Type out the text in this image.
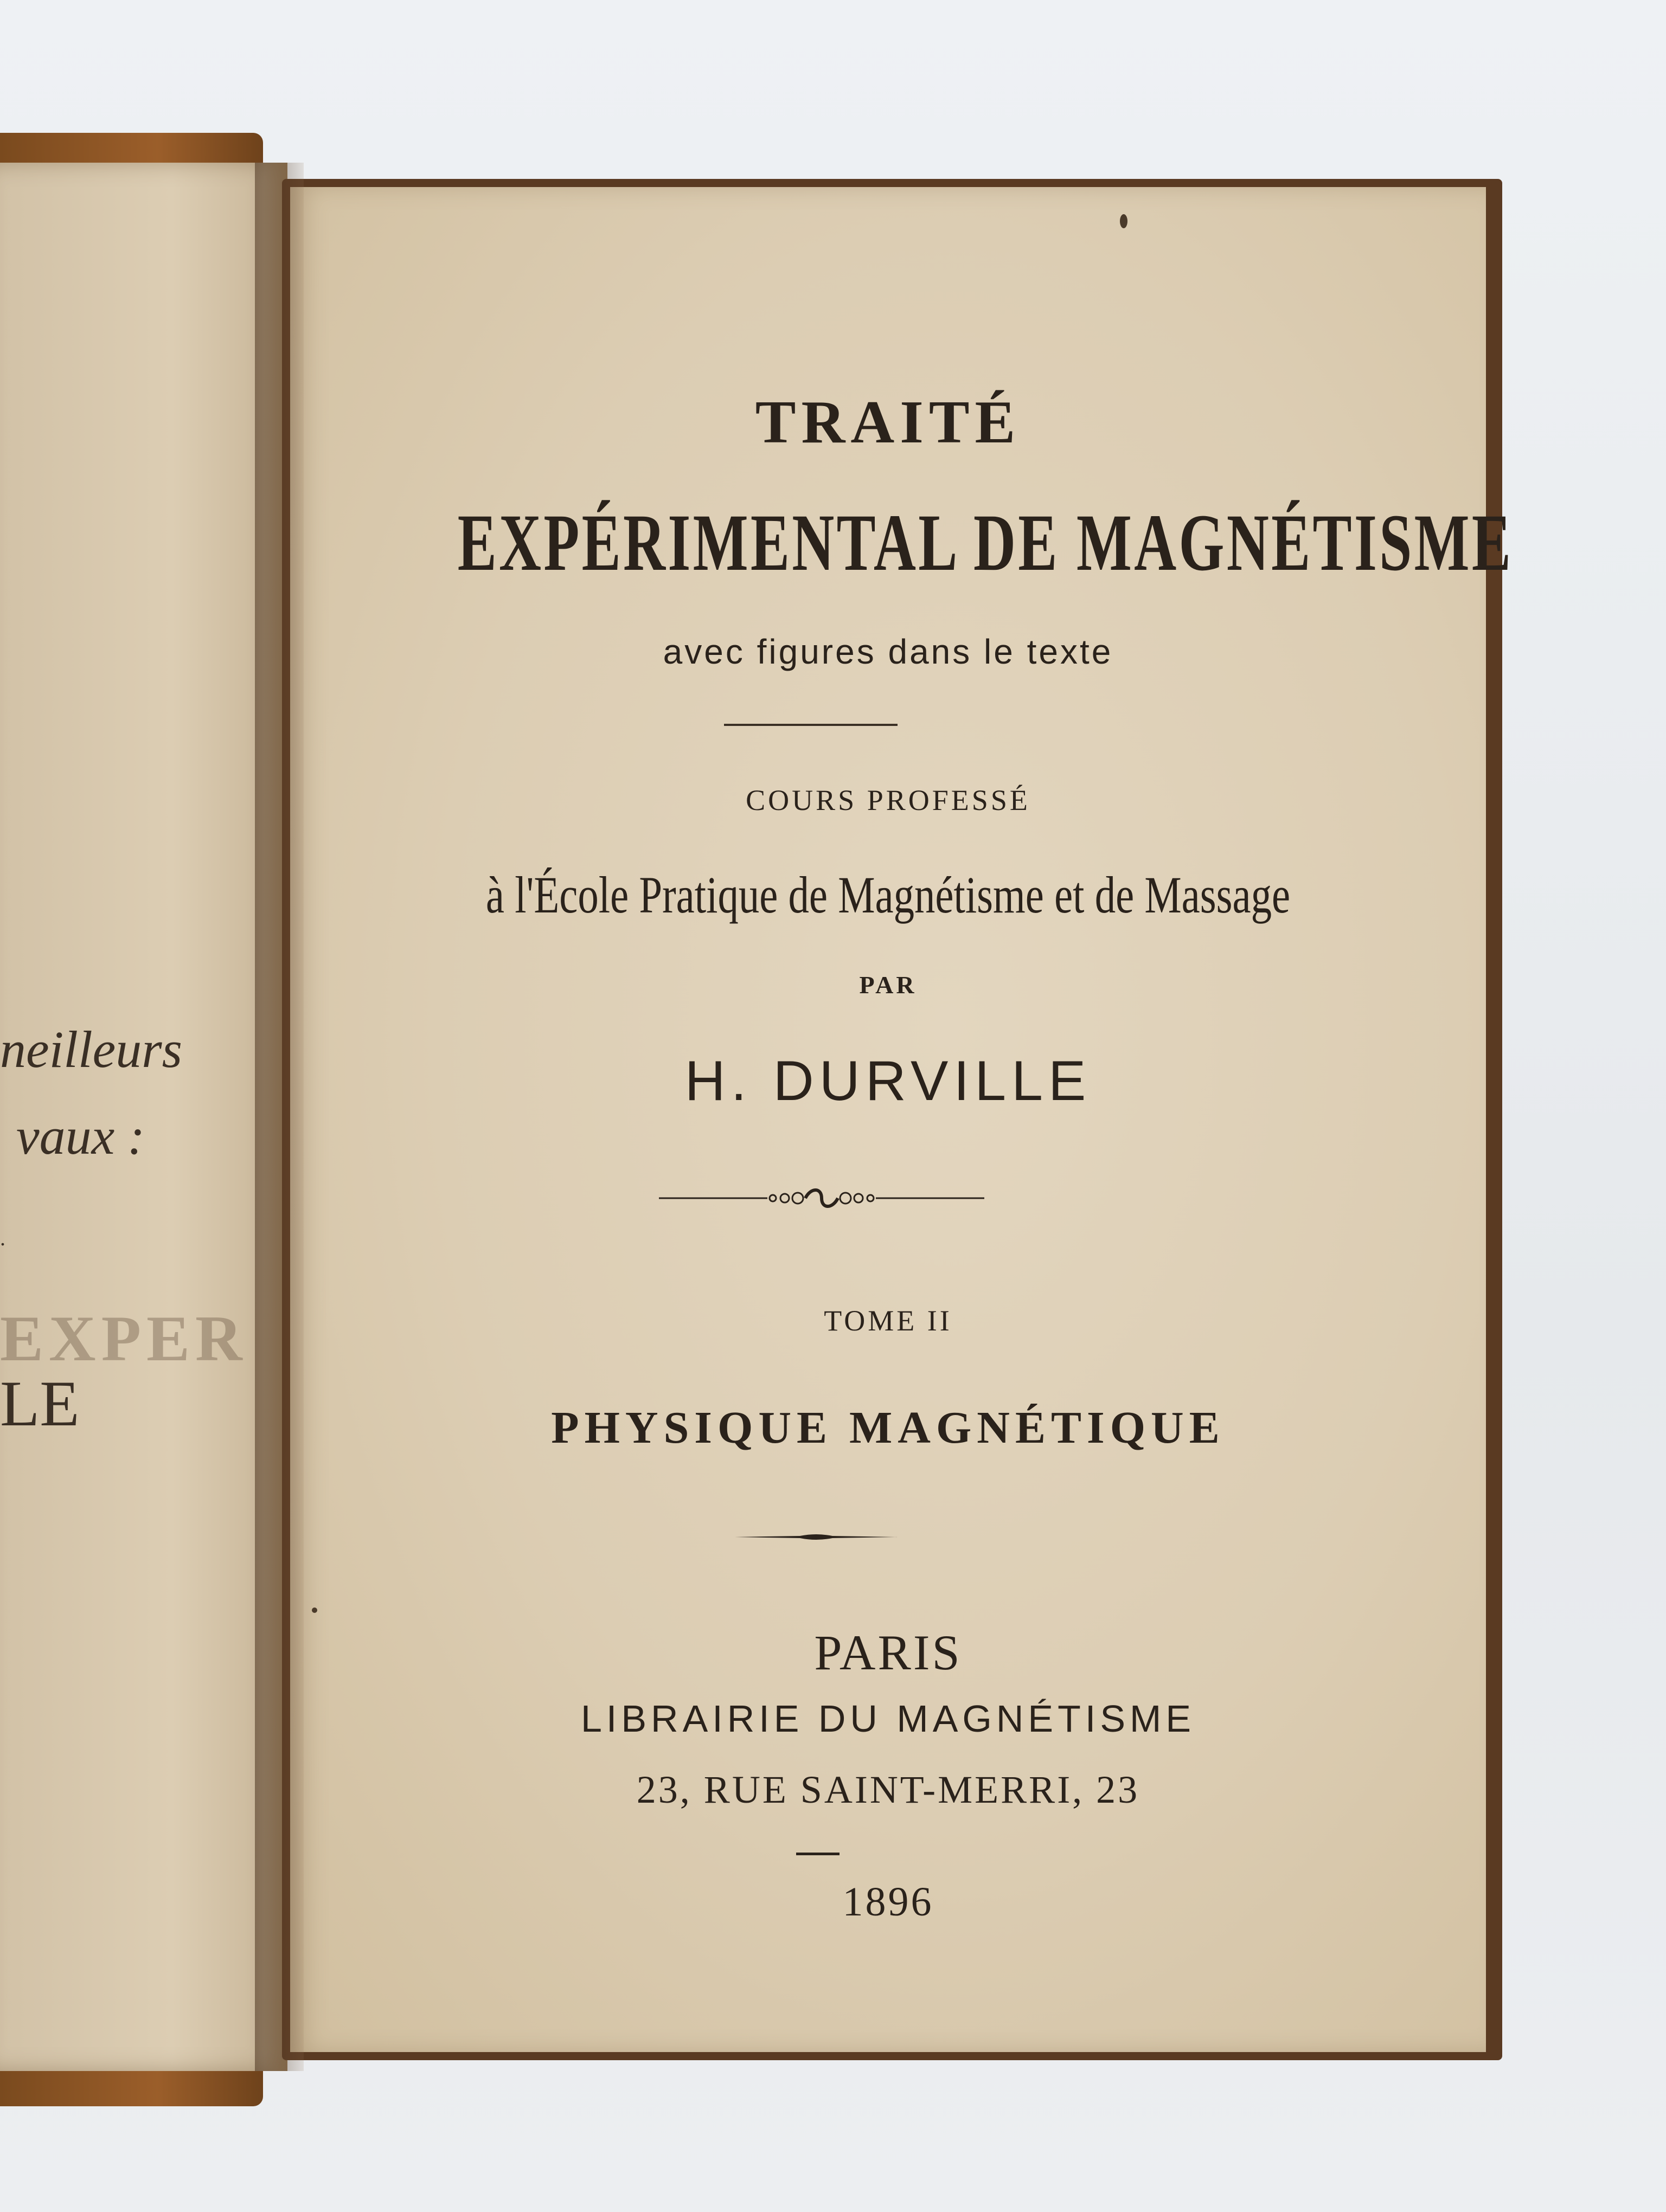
neilleurs
vaux :
.
EXPER
LE
TRAITÉ
EXPÉRIMENTAL DE MAGNÉTISME
avec figures dans le texte
COURS PROFESSÉ
à l'École Pratique de Magnétisme et de Massage
PAR
H. DURVILLE
TOME II
PHYSIQUE MAGNÉTIQUE
PARIS
LIBRAIRIE DU MAGNÉTISME
23, RUE SAINT-MERRI, 23
1896
